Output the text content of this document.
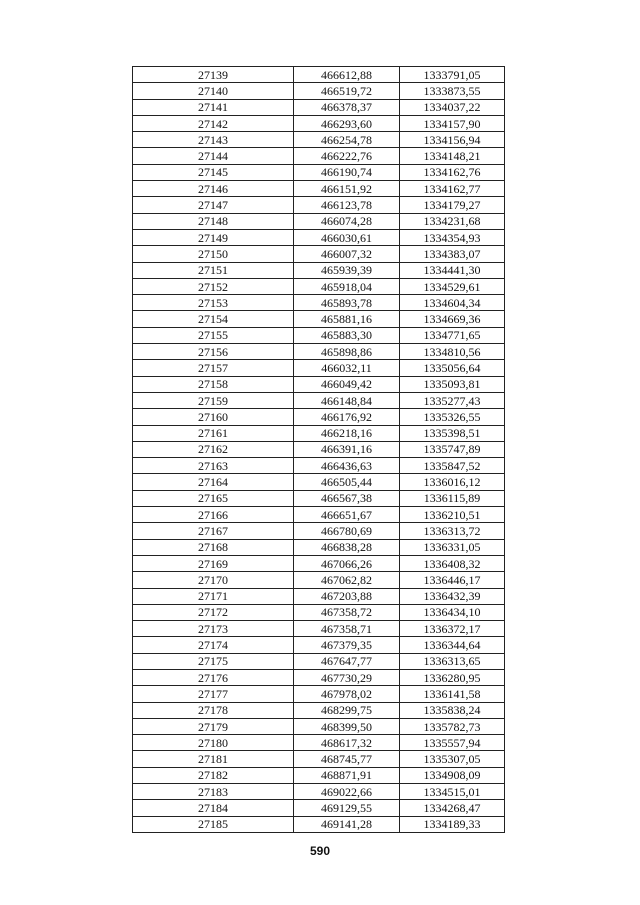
27139	466612,88	1333791,05
27140	466519,72	1333873,55
27141	466378,37	1334037,22
27142	466293,60	1334157,90
27143	466254,78	1334156,94
27144	466222,76	1334148,21
27145	466190,74	1334162,76
27146	466151,92	1334162,77
27147	466123,78	1334179,27
27148	466074,28	1334231,68
27149	466030,61	1334354,93
27150	466007,32	1334383,07
27151	465939,39	1334441,30
27152	465918,04	1334529,61
27153	465893,78	1334604,34
27154	465881,16	1334669,36
27155	465883,30	1334771,65
27156	465898,86	1334810,56
27157	466032,11	1335056,64
27158	466049,42	1335093,81
27159	466148,84	1335277,43
27160	466176,92	1335326,55
27161	466218,16	1335398,51
27162	466391,16	1335747,89
27163	466436,63	1335847,52
27164	466505,44	1336016,12
27165	466567,38	1336115,89
27166	466651,67	1336210,51
27167	466780,69	1336313,72
27168	466838,28	1336331,05
27169	467066,26	1336408,32
27170	467062,82	1336446,17
27171	467203,88	1336432,39
27172	467358,72	1336434,10
27173	467358,71	1336372,17
27174	467379,35	1336344,64
27175	467647,77	1336313,65
27176	467730,29	1336280,95
27177	467978,02	1336141,58
27178	468299,75	1335838,24
27179	468399,50	1335782,73
27180	468617,32	1335557,94
27181	468745,77	1335307,05
27182	468871,91	1334908,09
27183	469022,66	1334515,01
27184	469129,55	1334268,47
27185	469141,28	1334189,33
590
